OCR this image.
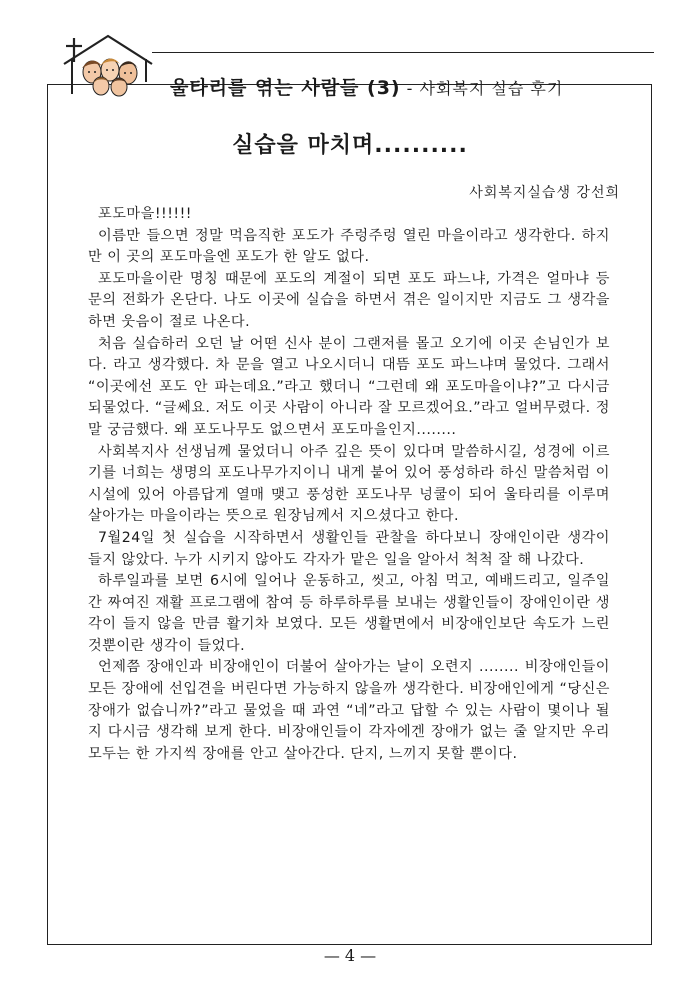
울타리를 엮는 사람들 (3) - 사회복지 실습 후기
실습을 마치며..........
사회복지실습생 강선희

포도마을!!!!!!

이름만 들으면 정말 먹음직한 포도가 주렁주렁 열린 마을이라고 생각한다. 하지만 이 곳의 포도마을엔 포도가 한 알도 없다.

포도마을이란 명칭 때문에 포도의 계절이 되면 포도 파느냐, 가격은 얼마냐 등 문의 전화가 온단다. 나도 이곳에 실습을 하면서 겪은 일이지만 지금도 그 생각을 하면 웃음이 절로 나온다.

처음 실습하러 오던 날 어떤 신사 분이 그랜저를 몰고 오기에 이곳 손님인가 보다. 라고 생각했다. 차 문을 열고 나오시더니 대뜸 포도 파느냐며 물었다. 그래서 “이곳에선 포도 안 파는데요.”라고 했더니 “그런데 왜 포도마을이냐?”고 다시금 되물었다. “글쎄요. 저도 이곳 사람이 아니라 잘 모르겠어요.”라고 얼버무렸다. 정말 궁금했다. 왜 포도나무도 없으면서 포도마을인지........

사회복지사 선생님께 물었더니 아주 깊은 뜻이 있다며 말씀하시길, 성경에 이르기를 너희는 생명의 포도나무가지이니 내게 붙어 있어 풍성하라 하신 말씀처럼 이 시설에 있어 아름답게 열매 맺고 풍성한 포도나무 넝쿨이 되어 울타리를 이루며 살아가는 마을이라는 뜻으로 원장님께서 지으셨다고 한다.

7월24일 첫 실습을 시작하면서 생활인들 관찰을 하다보니 장애인이란 생각이 들지 않았다. 누가 시키지 않아도 각자가 맡은 일을 알아서 척척 잘 해 나갔다.

하루일과를 보면 6시에 일어나 운동하고, 씻고, 아침 먹고, 예배드리고, 일주일간 짜여진 재활 프로그램에 참여 등 하루하루를 보내는 생활인들이 장애인이란 생각이 들지 않을 만큼 활기차 보였다. 모든 생활면에서 비장애인보단 속도가 느린 것뿐이란 생각이 들었다.

언제쯤 장애인과 비장애인이 더불어 살아가는 날이 오련지 ........ 비장애인들이 모든 장애에 선입견을 버린다면 가능하지 않을까 생각한다. 비장애인에게 “당신은 장애가 없습니까?”라고 물었을 때 과연 “네”라고 답할 수 있는 사람이 몇이나 될지 다시금 생각해 보게 한다. 비장애인들이 각자에겐 장애가 없는 줄 알지만 우리 모두는 한 가지씩 장애를 안고 살아간다. 단지, 느끼지 못할 뿐이다.

— 4 —
